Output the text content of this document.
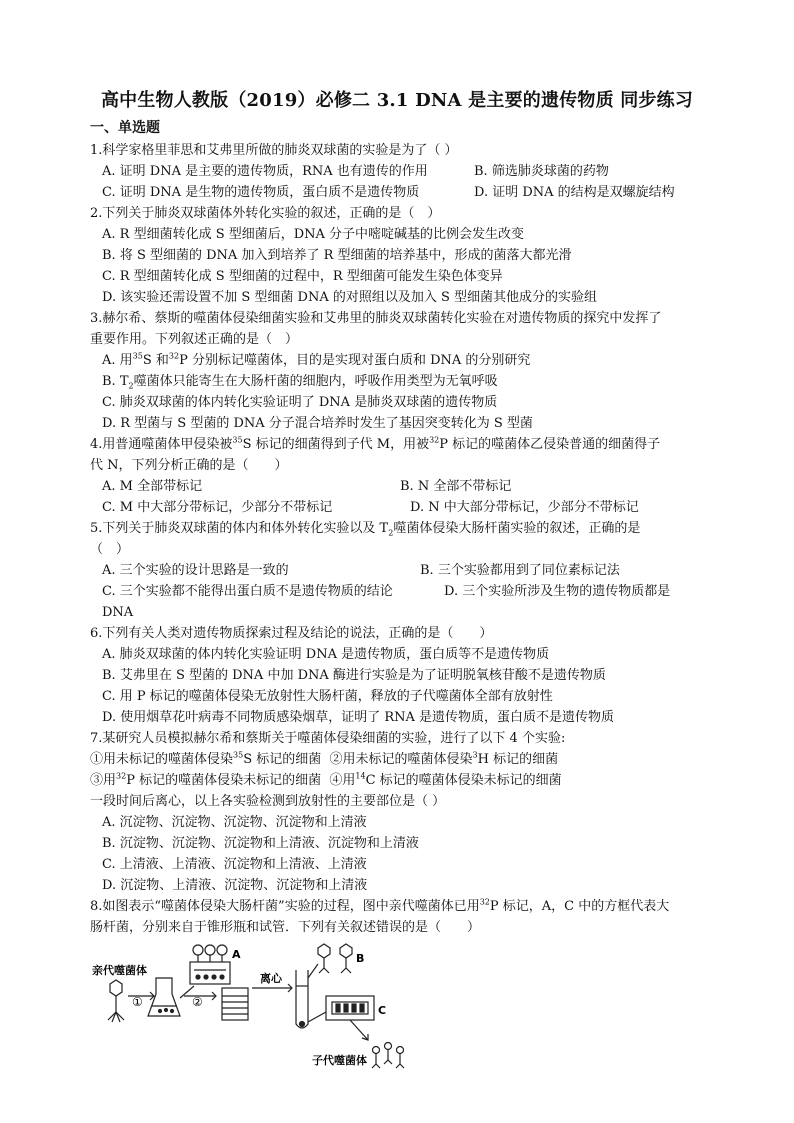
高中生物人教版（2019）必修二 3.1 DNA 是主要的遗传物质 同步练习
一、单选题
1.科学家格里菲思和艾弗里所做的肺炎双球菌的实验是为了（ ）
A. 证明 DNA 是主要的遗传物质，RNA 也有遗传的作用	B. 筛选肺炎球菌的药物
C. 证明 DNA 是生物的遗传物质，蛋白质不是遗传物质	D. 证明 DNA 的结构是双螺旋结构
2.下列关于肺炎双球菌体外转化实验的叙述，正确的是（　）
A. R 型细菌转化成 S 型细菌后，DNA 分子中嘧啶碱基的比例会发生改变
B. 将 S 型细菌的 DNA 加入到培养了 R 型细菌的培养基中，形成的菌落大都光滑
C. R 型细菌转化成 S 型细菌的过程中，R 型细菌可能发生染色体变异
D. 该实验还需设置不加 S 型细菌 DNA 的对照组以及加入 S 型细菌其他成分的实验组
3.赫尔希、蔡斯的噬菌体侵染细菌实验和艾弗里的肺炎双球菌转化实验在对遗传物质的探究中发挥了
重要作用。下列叙述正确的是（　）
A. 用$^{35}$S 和$^{32}$P 分别标记噬菌体，目的是实现对蛋白质和 DNA 的分别研究
B. $T_2$噬菌体只能寄生在大肠杆菌的细胞内，呼吸作用类型为无氧呼吸
C. 肺炎双球菌的体内转化实验证明了 DNA 是肺炎双球菌的遗传物质
D. R 型菌与 S 型菌的 DNA 分子混合培养时发生了基因突变转化为 S 型菌
4.用普通噬菌体甲侵染被$^{35}$S 标记的细菌得到子代 M，用被$^{32}$P 标记的噬菌体乙侵染普通的细菌得子
代 N，下列分析正确的是（　　）
A. M 全部带标记	B. N 全部不带标记
C. M 中大部分带标记，少部分不带标记	D. N 中大部分带标记，少部分不带标记
5.下列关于肺炎双球菌的体内和体外转化实验以及 $T_2$噬菌体侵染大肠杆菌实验的叙述，正确的是
（　）
A. 三个实验的设计思路是一致的	B. 三个实验都用到了同位素标记法
C. 三个实验都不能得出蛋白质不是遗传物质的结论	D. 三个实验所涉及生物的遗传物质都是
DNA
6.下列有关人类对遗传物质探索过程及结论的说法，正确的是（　　）
A. 肺炎双球菌的体内转化实验证明 DNA 是遗传物质，蛋白质等不是遗传物质
B. 艾弗里在 S 型菌的 DNA 中加 DNA 酶进行实验是为了证明脱氧核苷酸不是遗传物质
C. 用 P 标记的噬菌体侵染无放射性大肠杆菌，释放的子代噬菌体全部有放射性
D. 使用烟草花叶病毒不同物质感染烟草，证明了 RNA 是遗传物质，蛋白质不是遗传物质
7.某研究人员模拟赫尔希和蔡斯关于噬菌体侵染细菌的实验，进行了以下 4 个实验:
①用未标记的噬菌体侵染$^{35}$S 标记的细菌 ②用未标记的噬菌体侵染$^3$H 标记的细菌
③用$^{32}$P 标记的噬菌体侵染未标记的细菌 ④用$^{14}$C 标记的噬菌体侵染未标记的细菌
一段时间后离心，以上各实验检测到放射性的主要部位是（ ）
A. 沉淀物、沉淀物、沉淀物、沉淀物和上清液
B. 沉淀物、沉淀物、沉淀物和上清液、沉淀物和上清液
C. 上清液、上清液、沉淀物和上清液、上清液
D. 沉淀物、上清液、沉淀物、沉淀物和上清液
8.如图表示“噬菌体侵染大肠杆菌”实验的过程，图中亲代噬菌体已用$^{32}$P 标记，A，C 中的方框代表大
肠杆菌，分别来自于锥形瓶和试管．下列有关叙述错误的是（　　）
亲代噬菌体
①	②
离心
A	B
C
子代噬菌体
